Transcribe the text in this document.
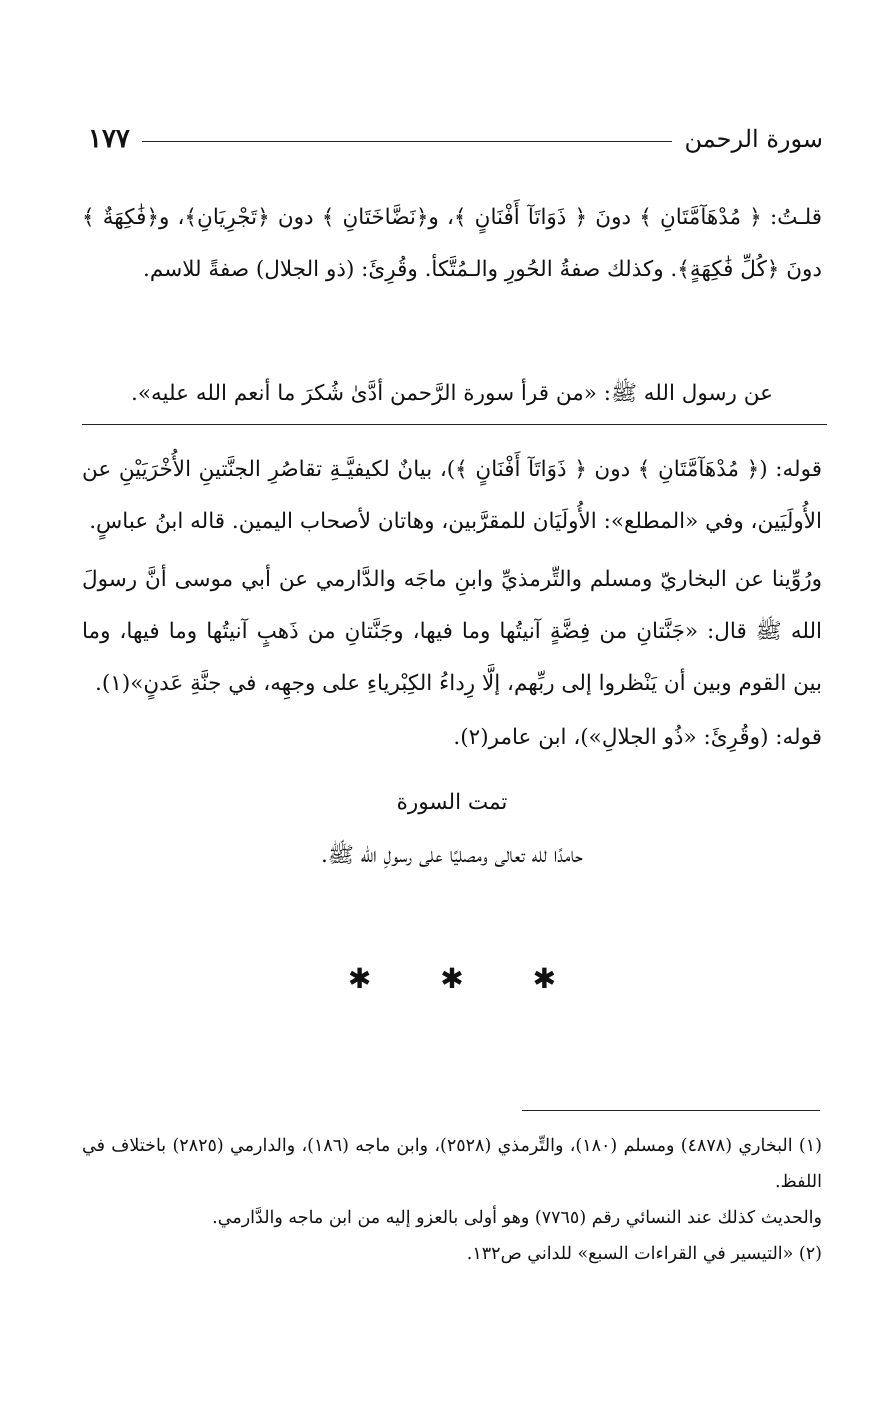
سورة الرحمن
١٧٧

قلـتُ: ﴿ مُدْهَآمَّتَانِ ﴾ دونَ ﴿ ذَوَاتَآ أَفْنَانٍ ﴾، و﴿نَضَّاخَتَانِ ﴾ دون ﴿تَجْرِيَانِ﴾، و﴿فَٰكِهَةٌ ﴾ دونَ ﴿كُلِّ فَٰكِهَةٍ﴾. وكذلك صفةُ الحُورِ والـمُتَّكأ. وقُرِئَ: (ذو الجلال) صفةً للاسم.

عن رسول الله ﷺ: «من قرأ سورة الرَّحمن أدَّىٰ شُكرَ ما أنعم الله عليه».

قوله: (﴿ مُدْهَآمَّتَانِ ﴾ دون ﴿ ذَوَاتَآ أَفْنَانٍ ﴾)، بيانٌ لكيفيَّـةِ تقاصُرِ الجنَّتينِ الأُخْرَيَيْنِ عن الأُولَيَين، وفي «المطلع»: الأُولَيَان للمقرَّبين، وهاتان لأصحاب اليمين. قاله ابنُ عباسٍ.

ورُوِّينا عن البخاريّ ومسلم والتِّرمذيِّ وابنِ ماجَه والدَّارمي عن أبي موسى أنَّ رسولَ الله ﷺ قال: «جَنَّتانِ من فِضَّةٍ آنيتُها وما فيها، وجَنَّتانِ من ذَهبٍ آنيتُها وما فيها، وما بين القوم وبين أن يَنْظروا إلى ربِّهم، إلَّا رِداءُ الكِبْرياءِ على وجهِه، في جنَّةِ عَدنٍ»(١).

قوله: (وقُرِئَ: «ذُو الجلالِ»)، ابن عامر(٢).

تمت السورة

حامدًا لله تعالى ومصليًا على رسولِ الله ﷺ.

✱ ✱ ✱

(١) البخاري (٤٨٧٨) ومسلم (١٨٠)، والتِّرمذي (٢٥٢٨)، وابن ماجه (١٨٦)، والدارمي (٢٨٢٥) باختلاف في اللفظ.

والحديث كذلك عند النسائي رقم (٧٧٦٥) وهو أولى بالعزو إليه من ابن ماجه والدَّارمي.

(٢) «التيسير في القراءات السبع» للداني ص١٣٢.
